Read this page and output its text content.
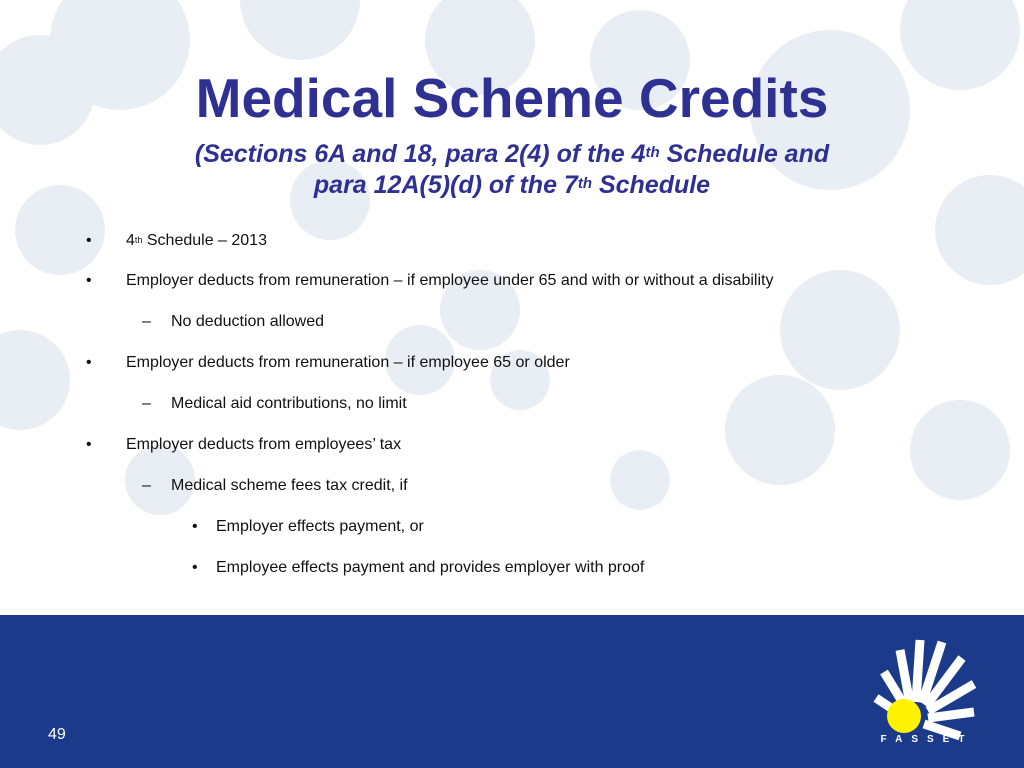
Medical Scheme Credits
(Sections 6A and 18, para 2(4) of the 4th Schedule and
para 12A(5)(d) of the 7th Schedule
• 4th Schedule – 2013
• Employer deducts from remuneration – if employee under 65 and with or without a disability
– No deduction allowed
• Employer deducts from remuneration – if employee 65 or older
– Medical aid contributions, no limit
• Employer deducts from employees’ tax
– Medical scheme fees tax credit, if
• Employer effects payment, or
• Employee effects payment and provides employer with proof
49	FASSET
